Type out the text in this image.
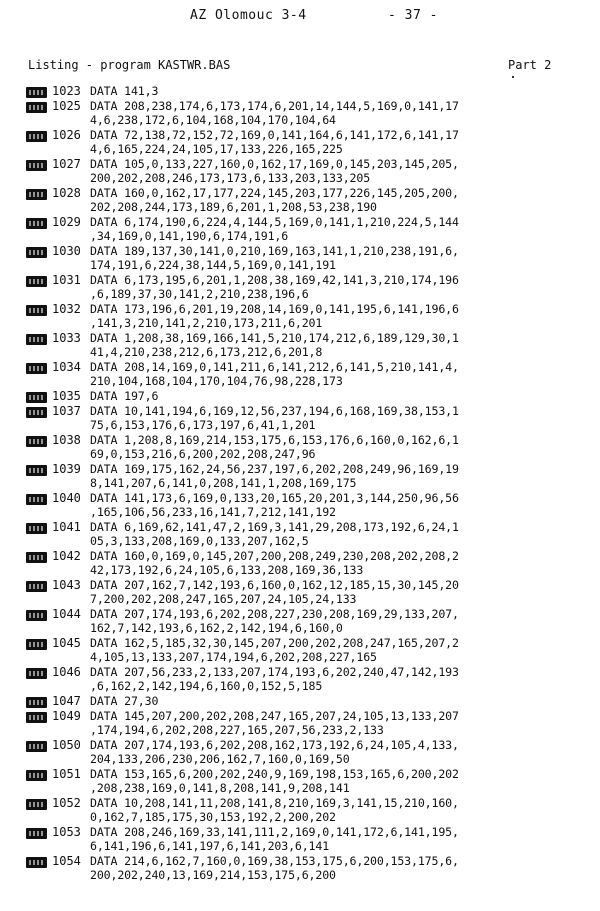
AZ Olomouc 3-4	- 37 -
Listing - program KASTWR.BAS	Part 2
1023 DATA 141,3
1025 DATA 208,238,174,6,173,174,6,201,14,144,5,169,0,141,17
4,6,238,172,6,104,168,104,170,104,64
1026 DATA 72,138,72,152,72,169,0,141,164,6,141,172,6,141,17
4,6,165,224,24,105,17,133,226,165,225
1027 DATA 105,0,133,227,160,0,162,17,169,0,145,203,145,205,
200,202,208,246,173,173,6,133,203,133,205
1028 DATA 160,0,162,17,177,224,145,203,177,226,145,205,200,
202,208,244,173,189,6,201,1,208,53,238,190
1029 DATA 6,174,190,6,224,4,144,5,169,0,141,1,210,224,5,144
,34,169,0,141,190,6,174,191,6
1030 DATA 189,137,30,141,0,210,169,163,141,1,210,238,191,6,
174,191,6,224,38,144,5,169,0,141,191
1031 DATA 6,173,195,6,201,1,208,38,169,42,141,3,210,174,196
,6,189,37,30,141,2,210,238,196,6
1032 DATA 173,196,6,201,19,208,14,169,0,141,195,6,141,196,6
,141,3,210,141,2,210,173,211,6,201
1033 DATA 1,208,38,169,166,141,5,210,174,212,6,189,129,30,1
41,4,210,238,212,6,173,212,6,201,8
1034 DATA 208,14,169,0,141,211,6,141,212,6,141,5,210,141,4,
210,104,168,104,170,104,76,98,228,173
1035 DATA 197,6
1037 DATA 10,141,194,6,169,12,56,237,194,6,168,169,38,153,1
75,6,153,176,6,173,197,6,41,1,201
1038 DATA 1,208,8,169,214,153,175,6,153,176,6,160,0,162,6,1
69,0,153,216,6,200,202,208,247,96
1039 DATA 169,175,162,24,56,237,197,6,202,208,249,96,169,19
8,141,207,6,141,0,208,141,1,208,169,175
1040 DATA 141,173,6,169,0,133,20,165,20,201,3,144,250,96,56
,165,106,56,233,16,141,7,212,141,192
1041 DATA 6,169,62,141,47,2,169,3,141,29,208,173,192,6,24,1
05,3,133,208,169,0,133,207,162,5
1042 DATA 160,0,169,0,145,207,200,208,249,230,208,202,208,2
42,173,192,6,24,105,6,133,208,169,36,133
1043 DATA 207,162,7,142,193,6,160,0,162,12,185,15,30,145,20
7,200,202,208,247,165,207,24,105,24,133
1044 DATA 207,174,193,6,202,208,227,230,208,169,29,133,207,
162,7,142,193,6,162,2,142,194,6,160,0
1045 DATA 162,5,185,32,30,145,207,200,202,208,247,165,207,2
4,105,13,133,207,174,194,6,202,208,227,165
1046 DATA 207,56,233,2,133,207,174,193,6,202,240,47,142,193
,6,162,2,142,194,6,160,0,152,5,185
1047 DATA 27,30
1049 DATA 145,207,200,202,208,247,165,207,24,105,13,133,207
,174,194,6,202,208,227,165,207,56,233,2,133
1050 DATA 207,174,193,6,202,208,162,173,192,6,24,105,4,133,
204,133,206,230,206,162,7,160,0,169,50
1051 DATA 153,165,6,200,202,240,9,169,198,153,165,6,200,202
,208,238,169,0,141,8,208,141,9,208,141
1052 DATA 10,208,141,11,208,141,8,210,169,3,141,15,210,160,
0,162,7,185,175,30,153,192,2,200,202
1053 DATA 208,246,169,33,141,111,2,169,0,141,172,6,141,195,
6,141,196,6,141,197,6,141,203,6,141
1054 DATA 214,6,162,7,160,0,169,38,153,175,6,200,153,175,6,
200,202,240,13,169,214,153,175,6,200
